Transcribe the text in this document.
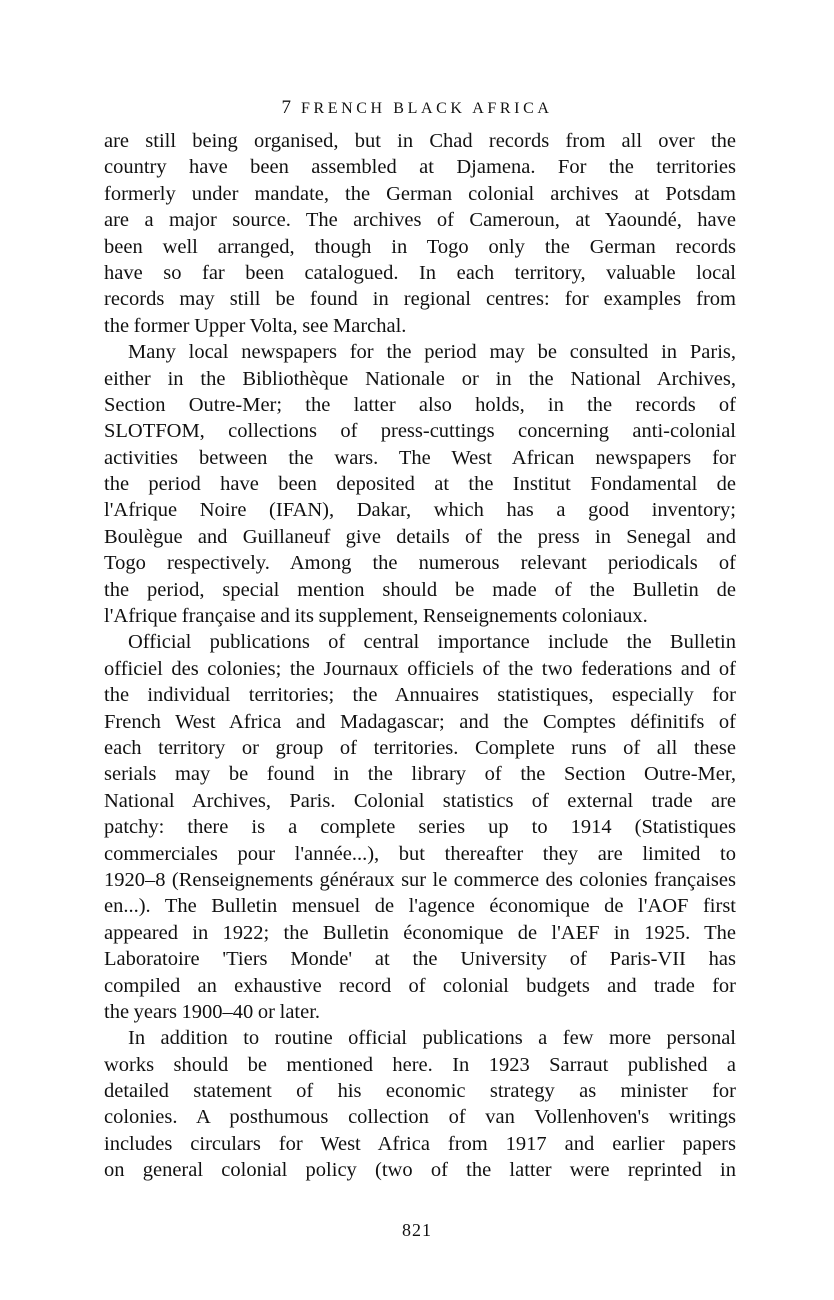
7 FRENCH BLACK AFRICA
are still being organised, but in Chad records from all over the
country have been assembled at Djamena. For the territories
formerly under mandate, the German colonial archives at Potsdam
are a major source. The archives of Cameroun, at Yaoundé, have
been well arranged, though in Togo only the German records
have so far been catalogued. In each territory, valuable local
records may still be found in regional centres: for examples from
the former Upper Volta, see Marchal.
Many local newspapers for the period may be consulted in Paris,
either in the Bibliothèque Nationale or in the National Archives,
Section Outre-Mer; the latter also holds, in the records of
SLOTFOM, collections of press-cuttings concerning anti-colonial
activities between the wars. The West African newspapers for
the period have been deposited at the Institut Fondamental de
l'Afrique Noire (IFAN), Dakar, which has a good inventory;
Boulègue and Guillaneuf give details of the press in Senegal and
Togo respectively. Among the numerous relevant periodicals of
the period, special mention should be made of the Bulletin de
l'Afrique française and its supplement, Renseignements coloniaux.
Official publications of central importance include the Bulletin
officiel des colonies; the Journaux officiels of the two federations and of
the individual territories; the Annuaires statistiques, especially for
French West Africa and Madagascar; and the Comptes définitifs of
each territory or group of territories. Complete runs of all these
serials may be found in the library of the Section Outre-Mer,
National Archives, Paris. Colonial statistics of external trade are
patchy: there is a complete series up to 1914 (Statistiques
commerciales pour l'année...), but thereafter they are limited to
1920–8 (Renseignements généraux sur le commerce des colonies françaises
en...). The Bulletin mensuel de l'agence économique de l'AOF first
appeared in 1922; the Bulletin économique de l'AEF in 1925. The
Laboratoire 'Tiers Monde' at the University of Paris-VII has
compiled an exhaustive record of colonial budgets and trade for
the years 1900–40 or later.
In addition to routine official publications a few more personal
works should be mentioned here. In 1923 Sarraut published a
detailed statement of his economic strategy as minister for
colonies. A posthumous collection of van Vollenhoven's writings
includes circulars for West Africa from 1917 and earlier papers
on general colonial policy (two of the latter were reprinted in
821
